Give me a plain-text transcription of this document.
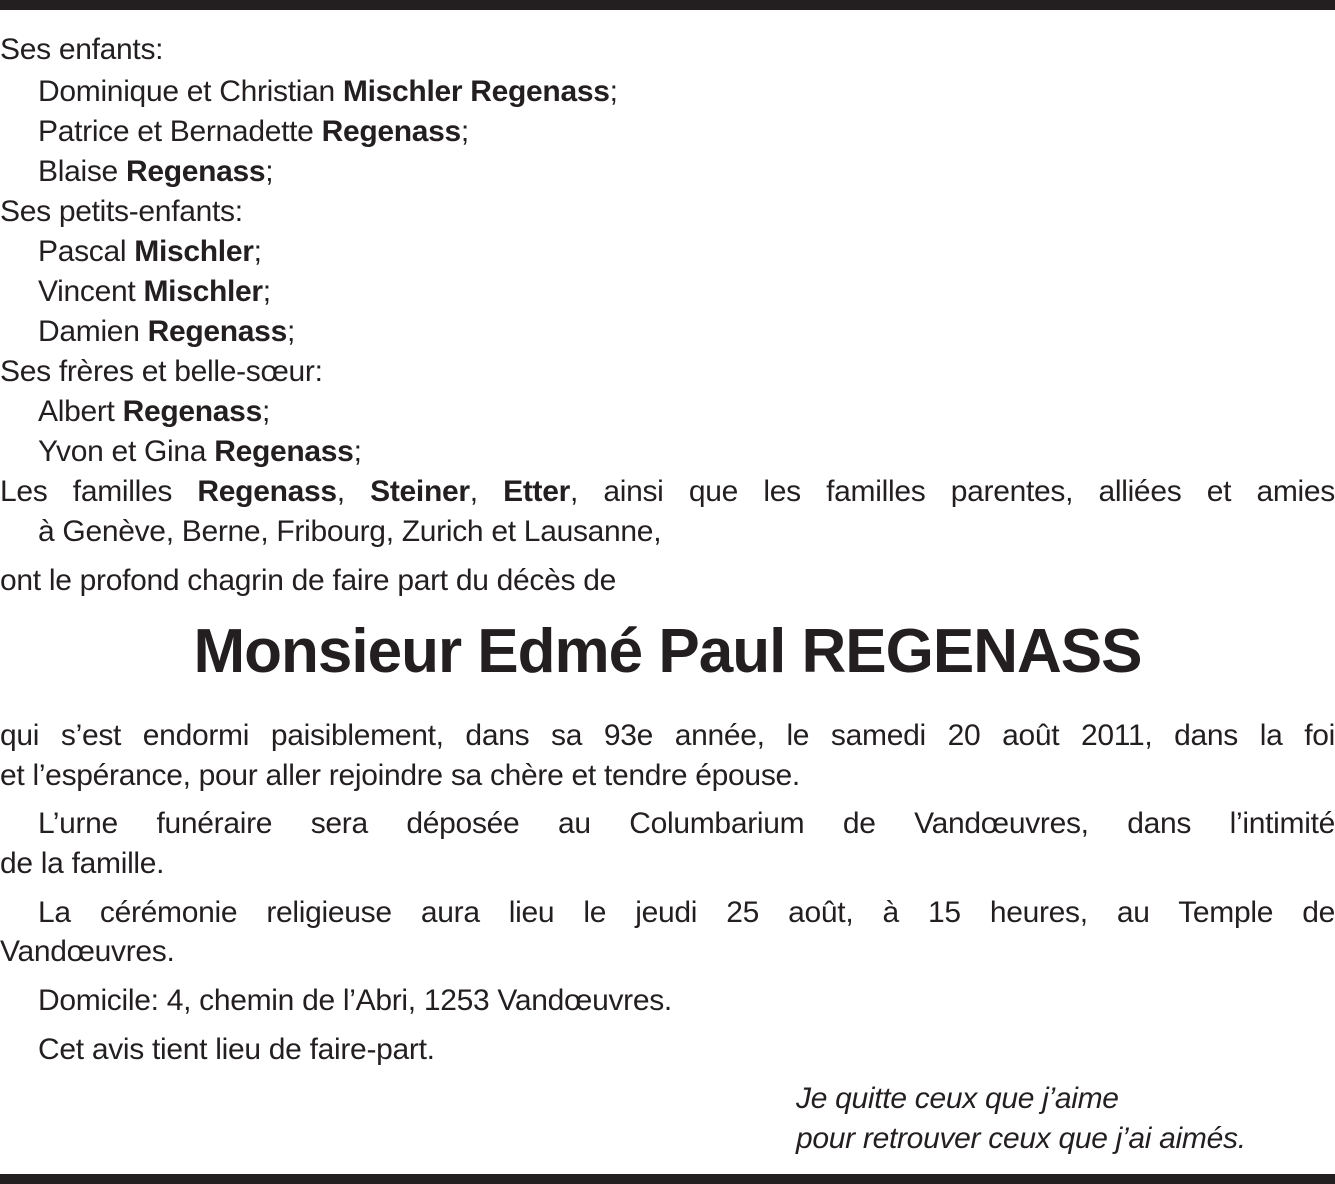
Ses enfants:
Dominique et Christian Mischler Regenass;
Patrice et Bernadette Regenass;
Blaise Regenass;
Ses petits-enfants:
Pascal Mischler;
Vincent Mischler;
Damien Regenass;
Ses frères et belle-sœur:
Albert Regenass;
Yvon et Gina Regenass;
Les familles Regenass, Steiner, Etter, ainsi que les familles parentes, alliées et amies
à Genève, Berne, Fribourg, Zurich et Lausanne,
ont le profond chagrin de faire part du décès de
Monsieur Edmé Paul REGENASS
qui s’est endormi paisiblement, dans sa 93e année, le samedi 20 août 2011, dans la foi
et l’espérance, pour aller rejoindre sa chère et tendre épouse.
L’urne funéraire sera déposée au Columbarium de Vandœuvres, dans l’intimité
de la famille.
La cérémonie religieuse aura lieu le jeudi 25 août, à 15 heures, au Temple de
Vandœuvres.
Domicile: 4, chemin de l’Abri, 1253 Vandœuvres.
Cet avis tient lieu de faire-part.
Je quitte ceux que j’aime
pour retrouver ceux que j’ai aimés.
